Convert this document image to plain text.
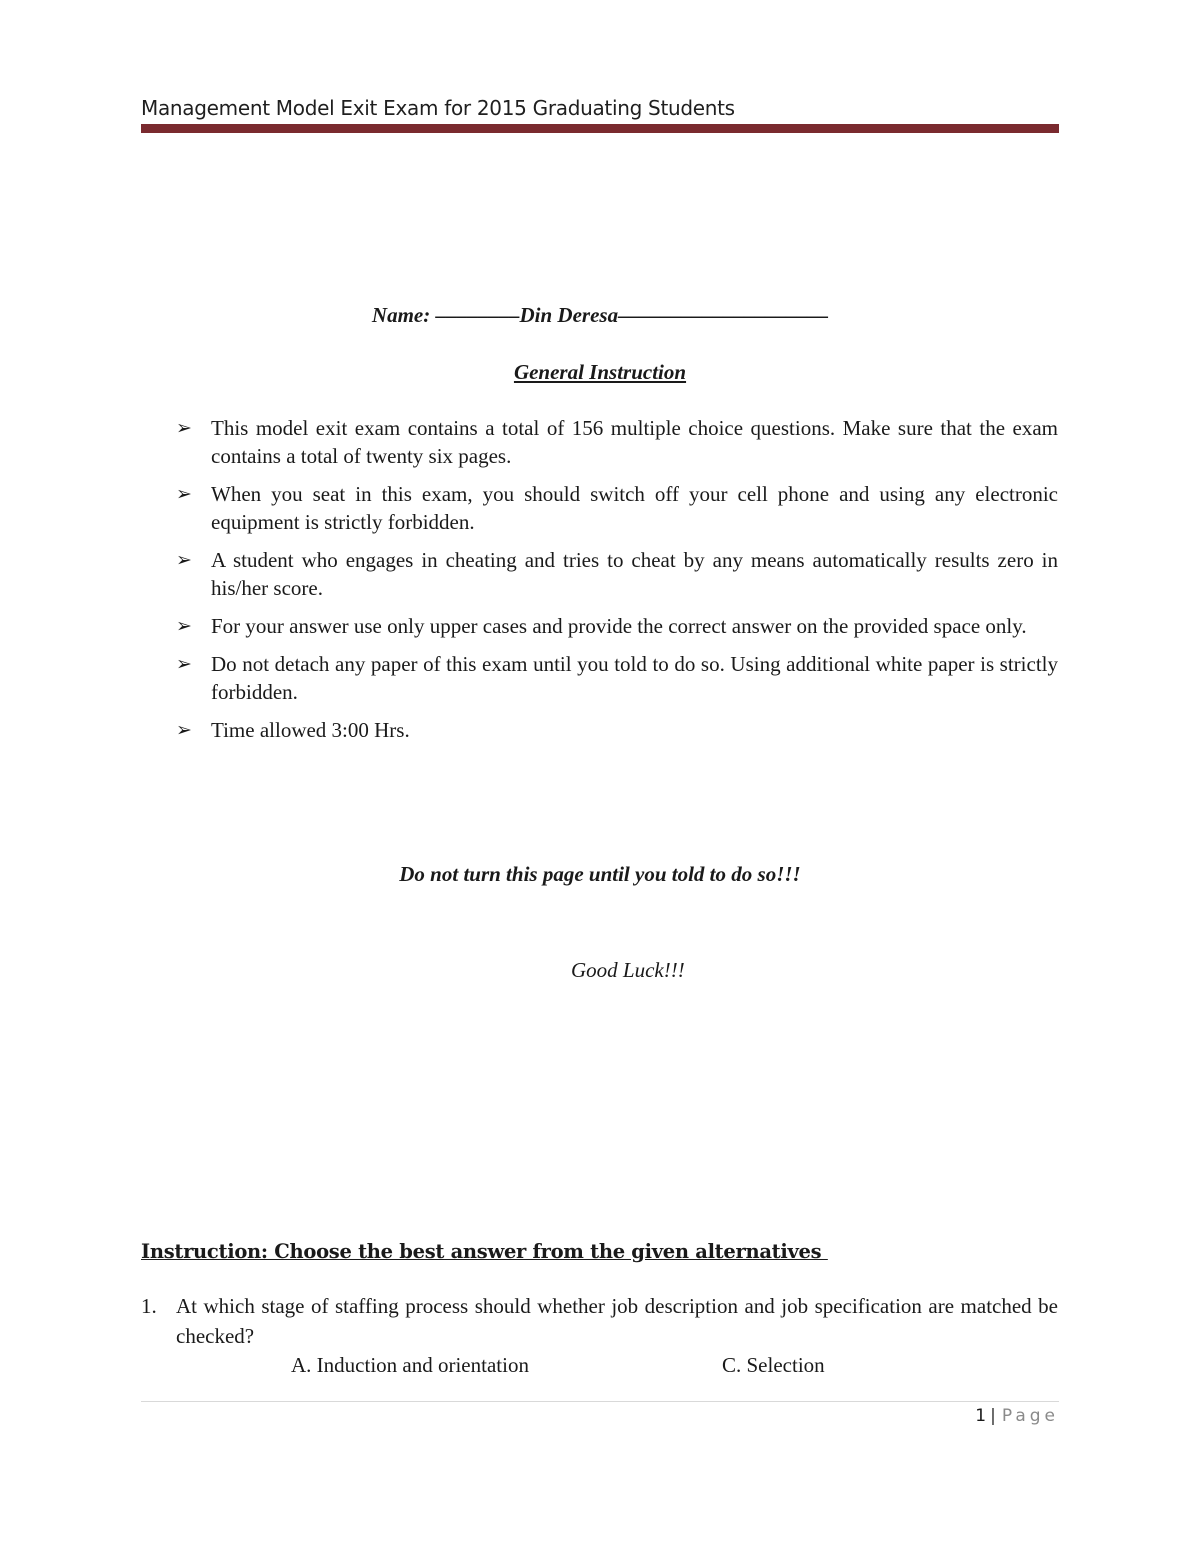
Management Model Exit Exam for 2015 Graduating Students
Name: ––––––––Din Deresa––––––––––––––––––––
General Instruction
➢ This model exit exam contains a total of 156 multiple choice questions. Make sure that the exam contains a total of twenty six pages.
➢ When you seat in this exam, you should switch off your cell phone and using any electronic equipment is strictly forbidden.
➢ A student who engages in cheating and tries to cheat by any means automatically results zero in his/her score.
➢ For your answer use only upper cases and provide the correct answer on the provided space only.
➢ Do not detach any paper of this exam until you told to do so. Using additional white paper is strictly forbidden.
➢ Time allowed 3:00 Hrs.
Do not turn this page until you told to do so!!!
Good Luck!!!
Instruction: Choose the best answer from the given alternatives
1. At which stage of staffing process should whether job description and job specification are matched be checked?
A. Induction and orientation	C. Selection
1 | Page
